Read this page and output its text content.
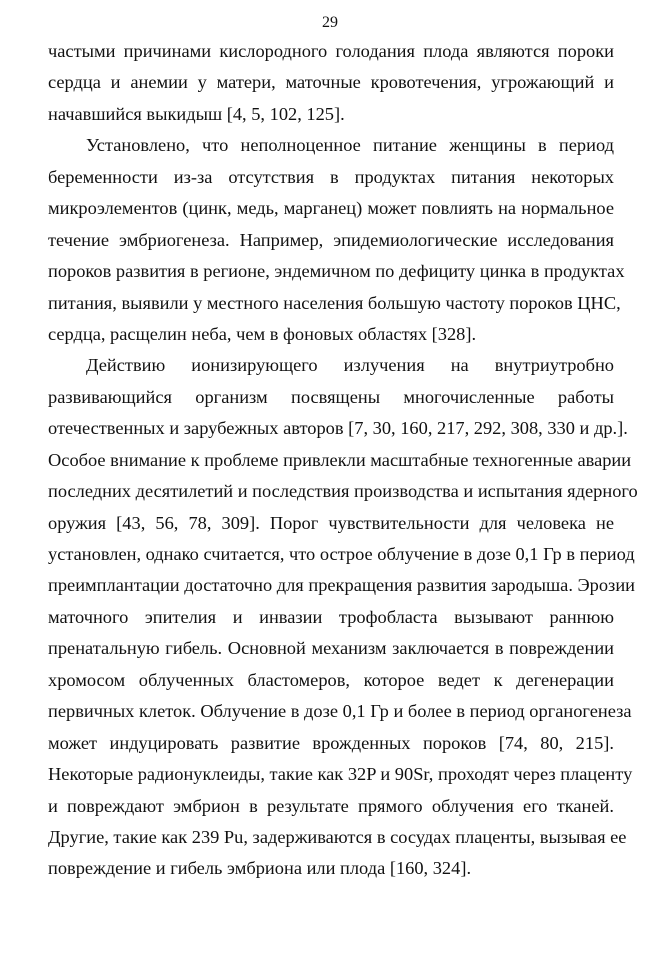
29
частыми причинами кислородного голодания плода являются пороки
сердца и анемии у матери, маточные кровотечения, угрожающий и
начавшийся выкидыш [4, 5, 102, 125].
Установлено, что неполноценное питание женщины в период
беременности из-за отсутствия в продуктах питания некоторых
микроэлементов (цинк, медь, марганец) может повлиять на нормальное
течение эмбриогенеза. Например, эпидемиологические исследования
пороков развития в регионе, эндемичном по дефициту цинка в продуктах
питания, выявили у местного населения большую частоту пороков ЦНС,
сердца, расщелин неба, чем в фоновых областях [328].
Действию ионизирующего излучения на внутриутробно
развивающийся организм посвящены многочисленные работы
отечественных и зарубежных авторов [7, 30, 160, 217, 292, 308, 330 и др.].
Особое внимание к проблеме привлекли масштабные техногенные аварии
последних десятилетий и последствия производства и испытания ядерного
оружия [43, 56, 78, 309]. Порог чувствительности для человека не
установлен, однако считается, что острое облучение в дозе 0,1 Гр в период
преимплантации достаточно для прекращения развития зародыша. Эрозии
маточного эпителия и инвазии трофобласта вызывают раннюю
пренатальную гибель. Основной механизм заключается в повреждении
хромосом облученных бластомеров, которое ведет к дегенерации
первичных клеток. Облучение в дозе 0,1 Гр и более в период органогенеза
может индуцировать развитие врожденных пороков [74, 80, 215].
Некоторые радионуклеиды, такие как 32P и 90Sr, проходят через плаценту
и повреждают эмбрион в результате прямого облучения его тканей.
Другие, такие как 239 Pu, задерживаются в сосудах плаценты, вызывая ее
повреждение и гибель эмбриона или плода [160, 324].
